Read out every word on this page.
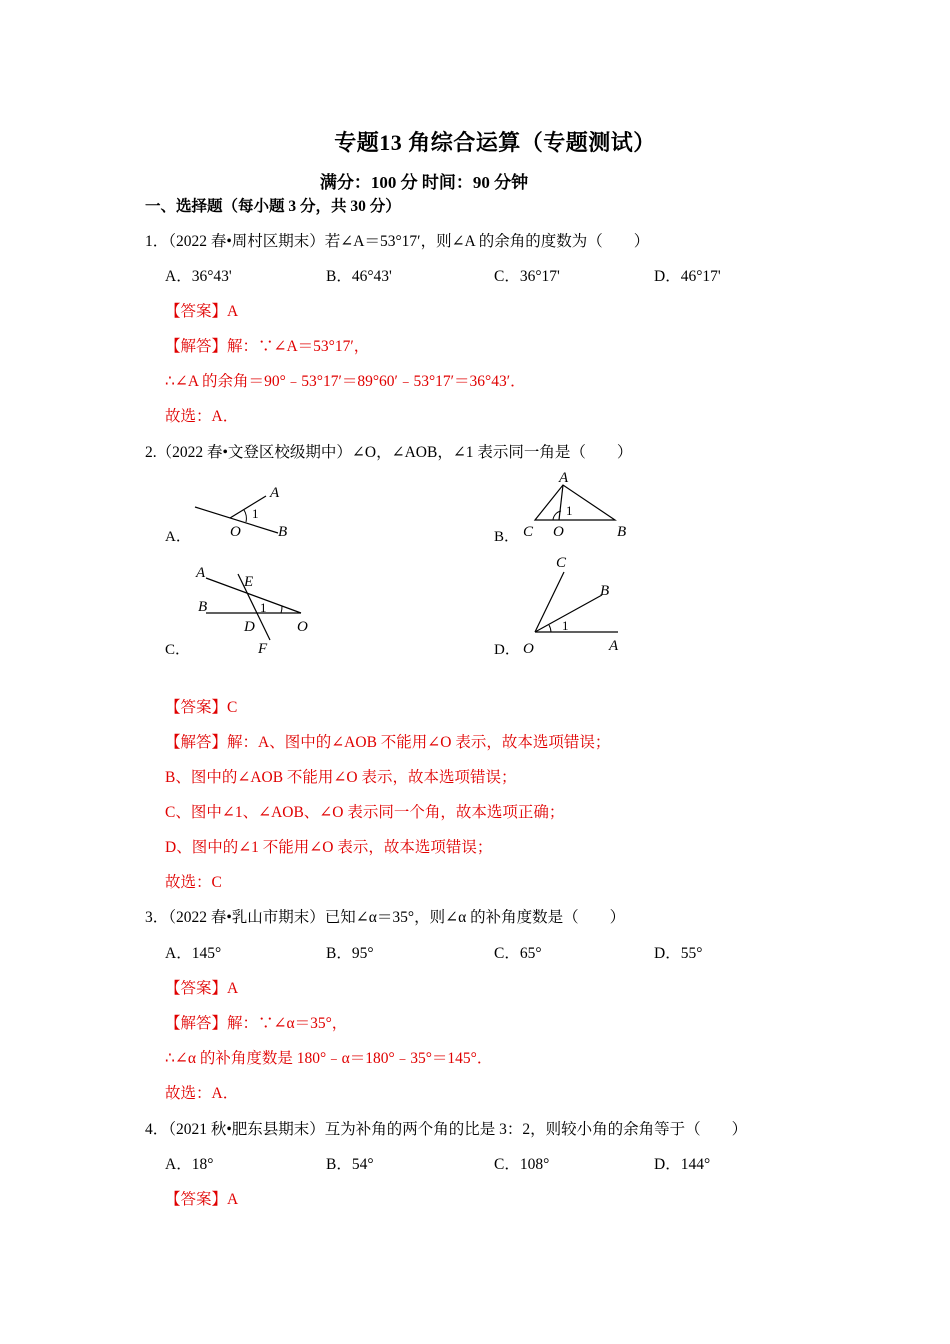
专题13 角综合运算（专题测试）
满分：100 分 时间：90 分钟
一、选择题（每小题 3 分，共 30 分）
1．（2022 春•周村区期末）若∠A＝53°17′，则∠A 的余角的度数为（　　）
A．36°43'	B．46°43'	C．36°17'	D．46°17'
【答案】A
【解答】解：∵∠A＝53°17′，
∴∠A 的余角＝90°﹣53°17′＝89°60′﹣53°17′＝36°43′．
故选：A．
2.（2022 春•文登区校级期中）∠O，∠AOB，∠1 表示同一角是（　　）
A．
A
1
O B	B．
A
1
C O	B
C．
A
E
B	1
D	O
F	D．
C
B
1
O	A
【答案】C
【解答】解：A、图中的∠AOB 不能用∠O 表示，故本选项错误；
B、图中的∠AOB 不能用∠O 表示，故本选项错误；
C、图中∠1、∠AOB、∠O 表示同一个角，故本选项正确；
D、图中的∠1 不能用∠O 表示，故本选项错误；
故选：C
3．（2022 春•乳山市期末）已知∠α＝35°，则∠α 的补角度数是（　　）
A．145°	B．95°	C．65°	D．55°
【答案】A
【解答】解：∵∠α＝35°，
∴∠α 的补角度数是 180°﹣α＝180°﹣35°＝145°．
故选：A．
4．（2021 秋•肥东县期末）互为补角的两个角的比是 3：2，则较小角的余角等于（　　）
A．18°	B．54°	C．108°	D．144°
【答案】A
